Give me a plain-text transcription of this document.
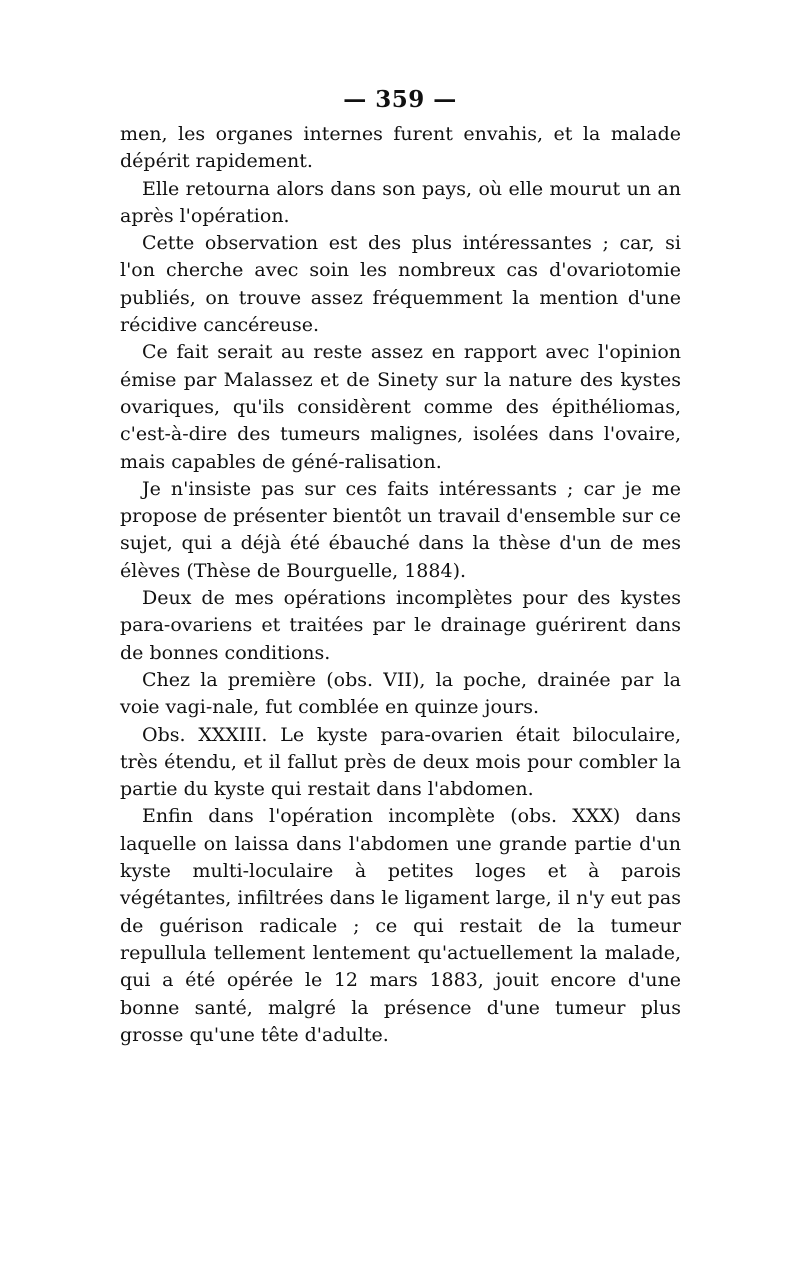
— 359 —

men, les organes internes furent envahis, et la malade dépérit rapidement.

Elle retourna alors dans son pays, où elle mourut un an après l'opération.

Cette observation est des plus intéressantes ; car, si l'on cherche avec soin les nombreux cas d'ovariotomie publiés, on trouve assez fréquemment la mention d'une récidive cancéreuse.

Ce fait serait au reste assez en rapport avec l'opinion émise par Malassez et de Sinety sur la nature des kystes ovariques, qu'ils considèrent comme des épithéliomas, c'est-à-dire des tumeurs malignes, isolées dans l'ovaire, mais capables de géné-ralisation.

Je n'insiste pas sur ces faits intéressants ; car je me propose de présenter bientôt un travail d'ensemble sur ce sujet, qui a déjà été ébauché dans la thèse d'un de mes élèves (Thèse de Bourguelle, 1884).

Deux de mes opérations incomplètes pour des kystes para-ovariens et traitées par le drainage guérirent dans de bonnes conditions.

Chez la première (obs. VII), la poche, drainée par la voie vagi-nale, fut comblée en quinze jours.

Obs. XXXIII. Le kyste para-ovarien était biloculaire, très étendu, et il fallut près de deux mois pour combler la partie du kyste qui restait dans l'abdomen.

Enfin dans l'opération incomplète (obs. XXX) dans laquelle on laissa dans l'abdomen une grande partie d'un kyste multi-loculaire à petites loges et à parois végétantes, infiltrées dans le ligament large, il n'y eut pas de guérison radicale ; ce qui restait de la tumeur repullula tellement lentement qu'actuellement la malade, qui a été opérée le 12 mars 1883, jouit encore d'une bonne santé, malgré la présence d'une tumeur plus grosse qu'une tête d'adulte.
